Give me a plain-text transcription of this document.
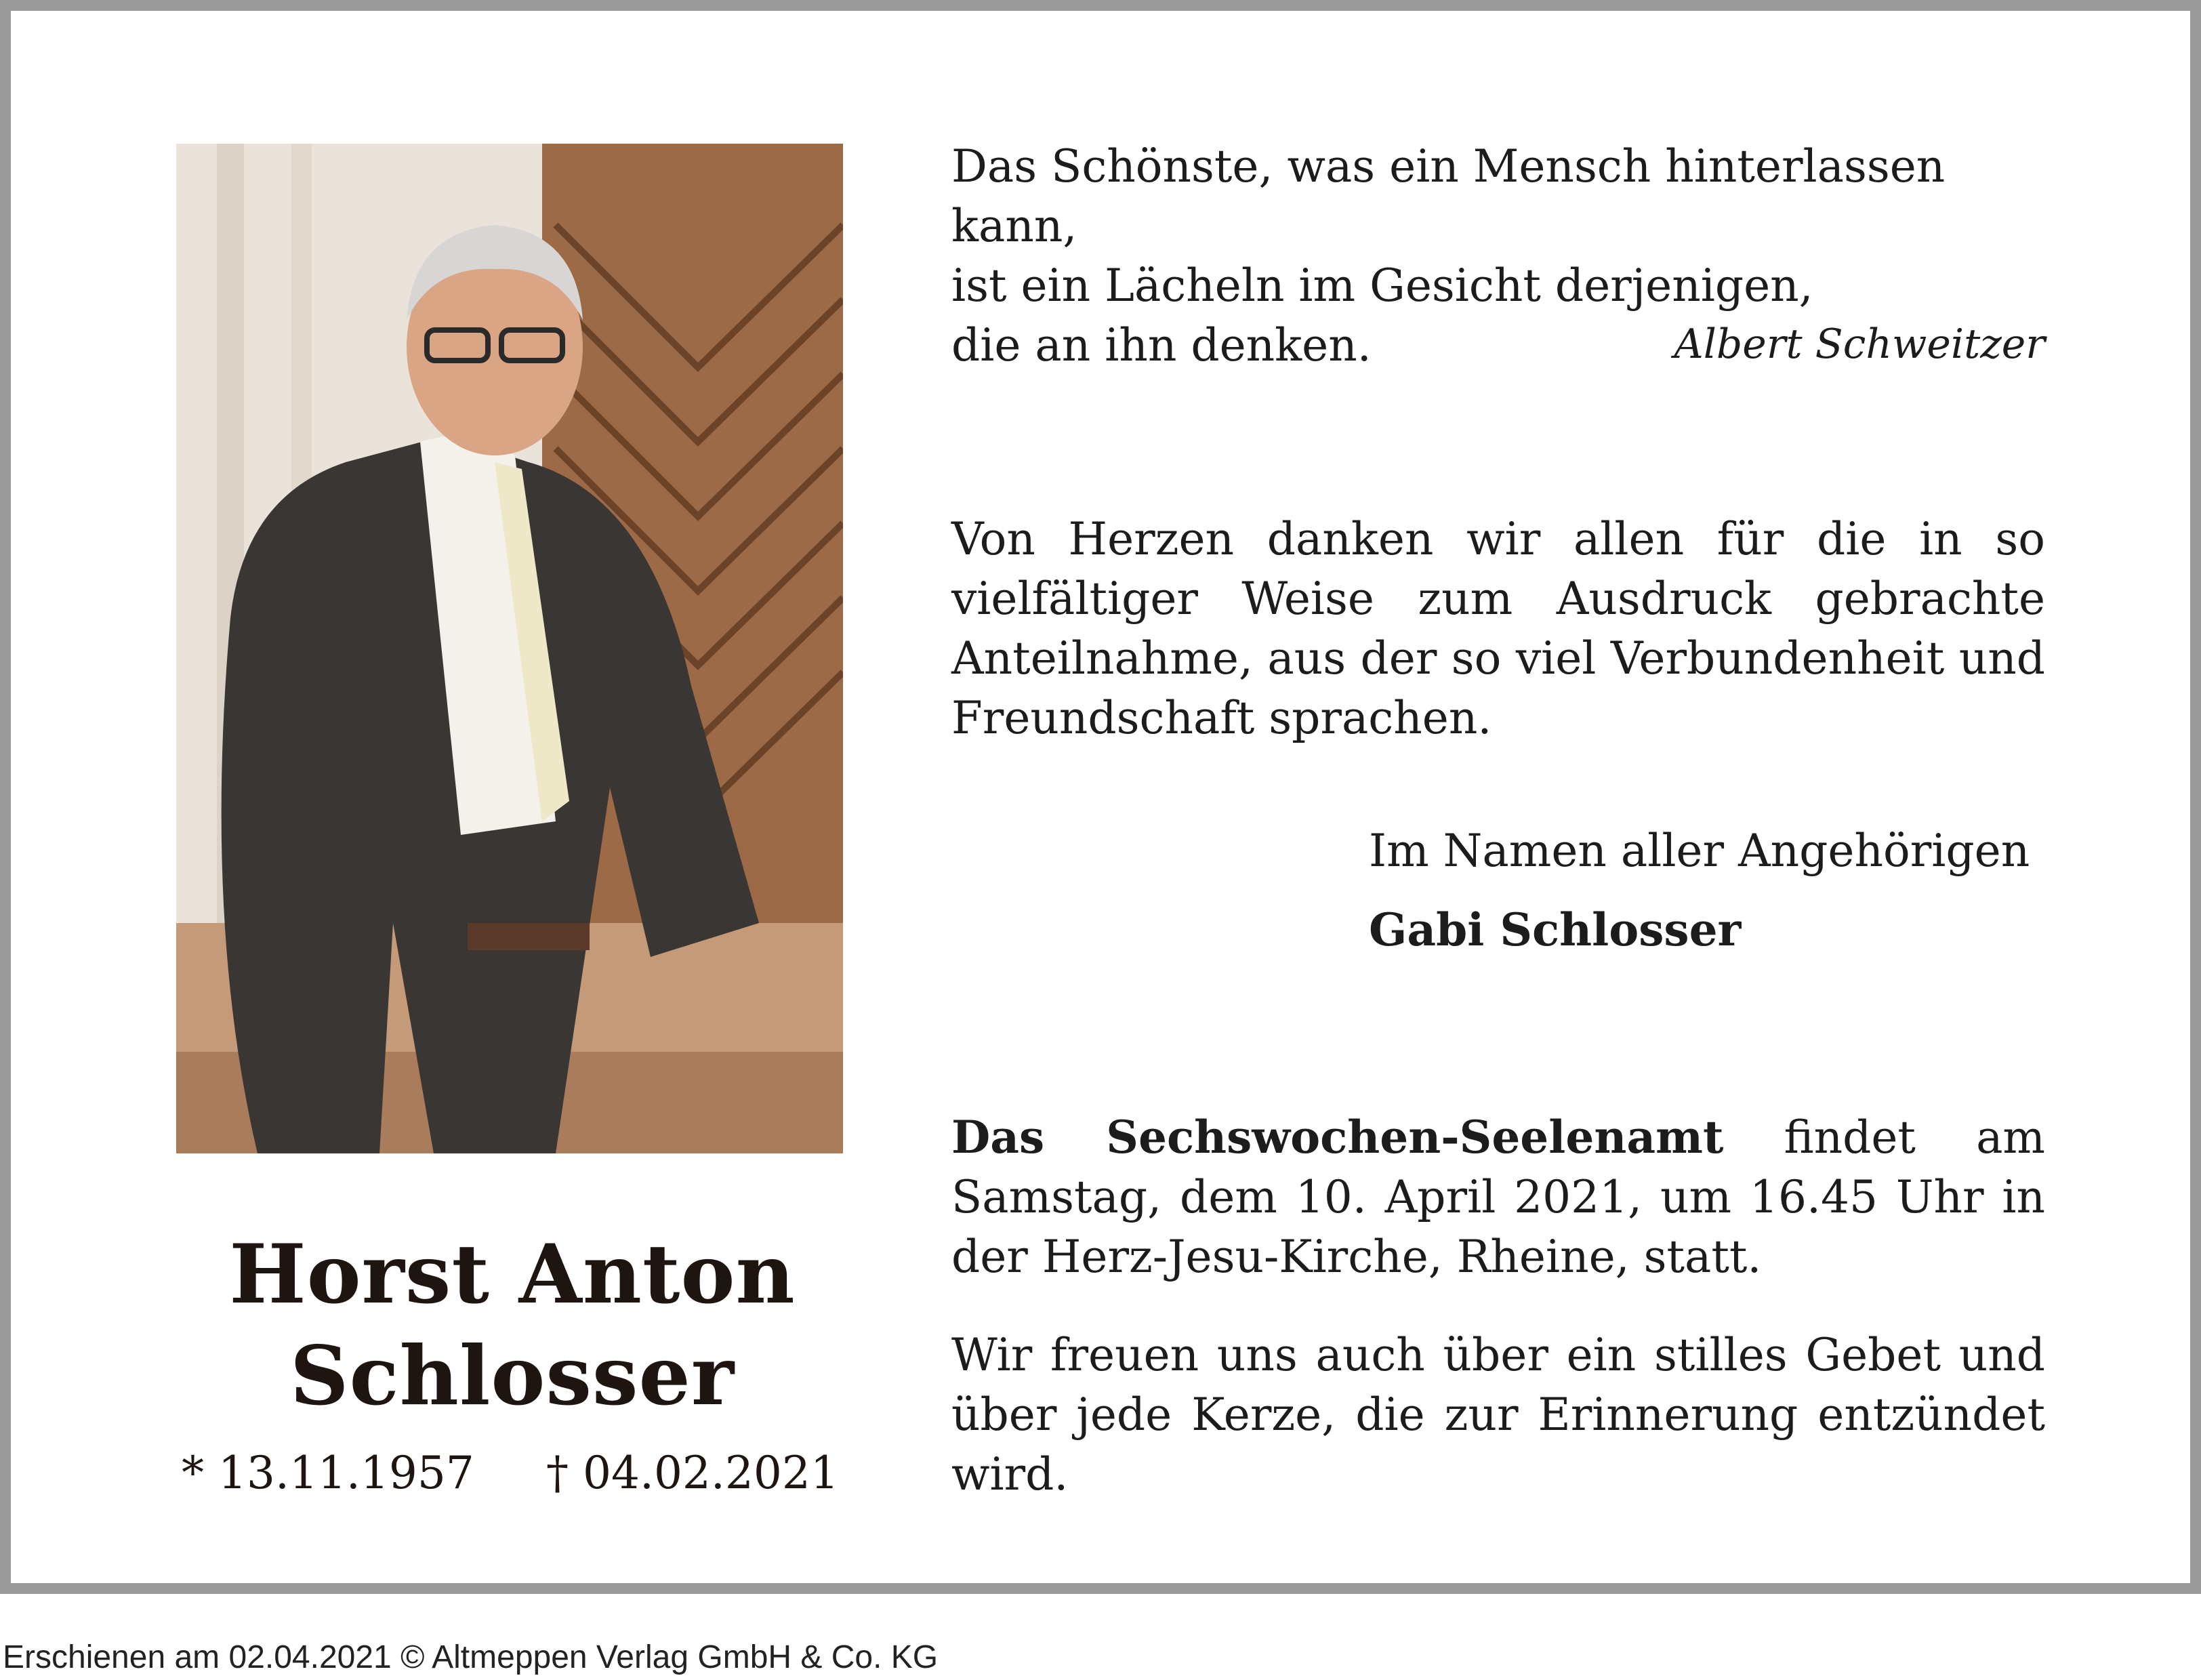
Horst Anton
Schlosser
* 13.11.1957 † 04.02.2021
Das Schönste, was ein Mensch hinterlassen kann,
ist ein Lächeln im Gesicht derjenigen,
die an ihn denken.	Albert Schweitzer
Von Herzen danken wir allen für die in so vielfältiger Weise zum Ausdruck gebrachte Anteilnahme, aus der so viel Verbundenheit und Freundschaft sprachen.
Im Namen aller Angehörigen
Gabi Schlosser
Das Sechswochen-Seelenamt findet am Samstag, dem 10. April 2021, um 16.45 Uhr in der Herz-Jesu-Kirche, Rheine, statt.
Wir freuen uns auch über ein stilles Gebet und über jede Kerze, die zur Erinnerung entzündet wird.
Erschienen am 02.04.2021 © Altmeppen Verlag GmbH & Co. KG
